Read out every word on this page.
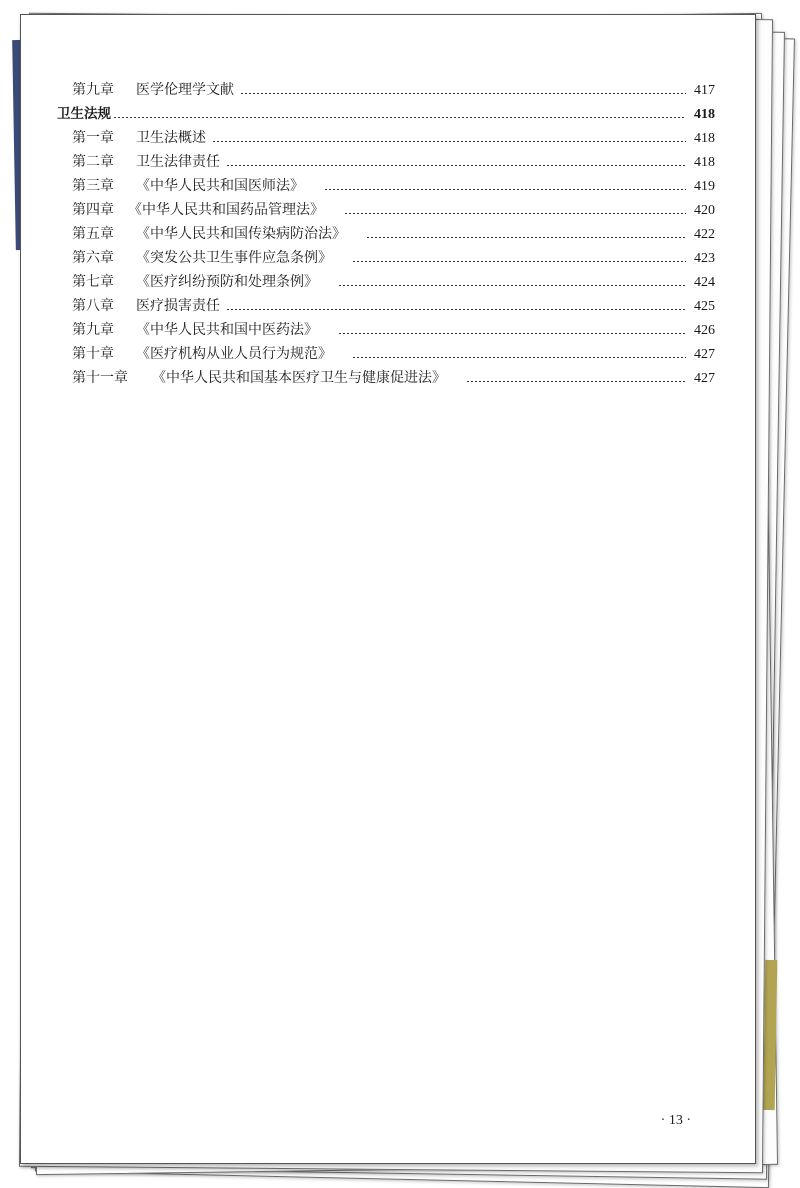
第九章	医学伦理学文献	417
卫生法规	418
第一章	卫生法概述	418
第二章	卫生法律责任	418
第三章	《中华人民共和国医师法》	419
第四章	《中华人民共和国药品管理法》	420
第五章	《中华人民共和国传染病防治法》	422
第六章	《突发公共卫生事件应急条例》	423
第七章	《医疗纠纷预防和处理条例》	424
第八章	医疗损害责任	425
第九章	《中华人民共和国中医药法》	426
第十章	《医疗机构从业人员行为规范》	427
第十一章	《中华人民共和国基本医疗卫生与健康促进法》	427
· 13 ·
